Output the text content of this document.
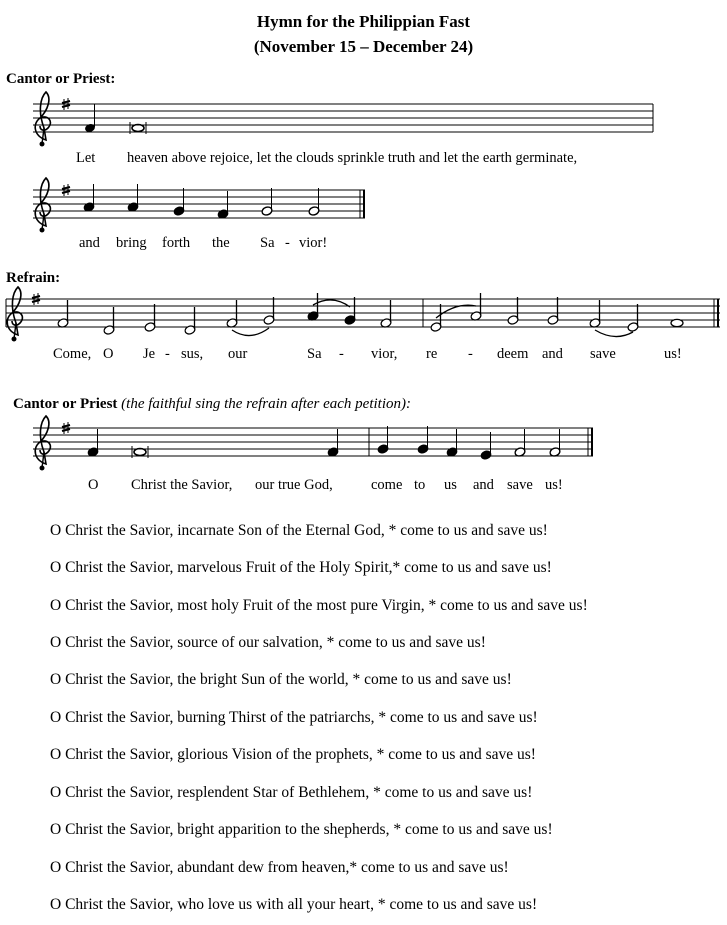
Hymn for the Philippian Fast
(November 15 – December 24)
Cantor or Priest:
Refrain:
Cantor or Priest (the faithful sing the refrain after each petition):
Let heaven above rejoice, let the clouds sprinkle truth and let the earth germinate,
and bring forth the Sa - vior!
Come, O Je - sus, our	Sa - vior, re - deem and save	us!
O Christ the Savior, our true God,	come to us and save us!
O Christ the Savior, incarnate Son of the Eternal God, * come to us and save us!
O Christ the Savior, marvelous Fruit of the Holy Spirit,* come to us and save us!
O Christ the Savior, most holy Fruit of the most pure Virgin, * come to us and save us!
O Christ the Savior, source of our salvation, * come to us and save us!
O Christ the Savior, the bright Sun of the world, * come to us and save us!
O Christ the Savior, burning Thirst of the patriarchs, * come to us and save us!
O Christ the Savior, glorious Vision of the prophets, * come to us and save us!
O Christ the Savior, resplendent Star of Bethlehem, * come to us and save us!
O Christ the Savior, bright apparition to the shepherds, * come to us and save us!
O Christ the Savior, abundant dew from heaven,* come to us and save us!
O Christ the Savior, who love us with all your heart, * come to us and save us!
